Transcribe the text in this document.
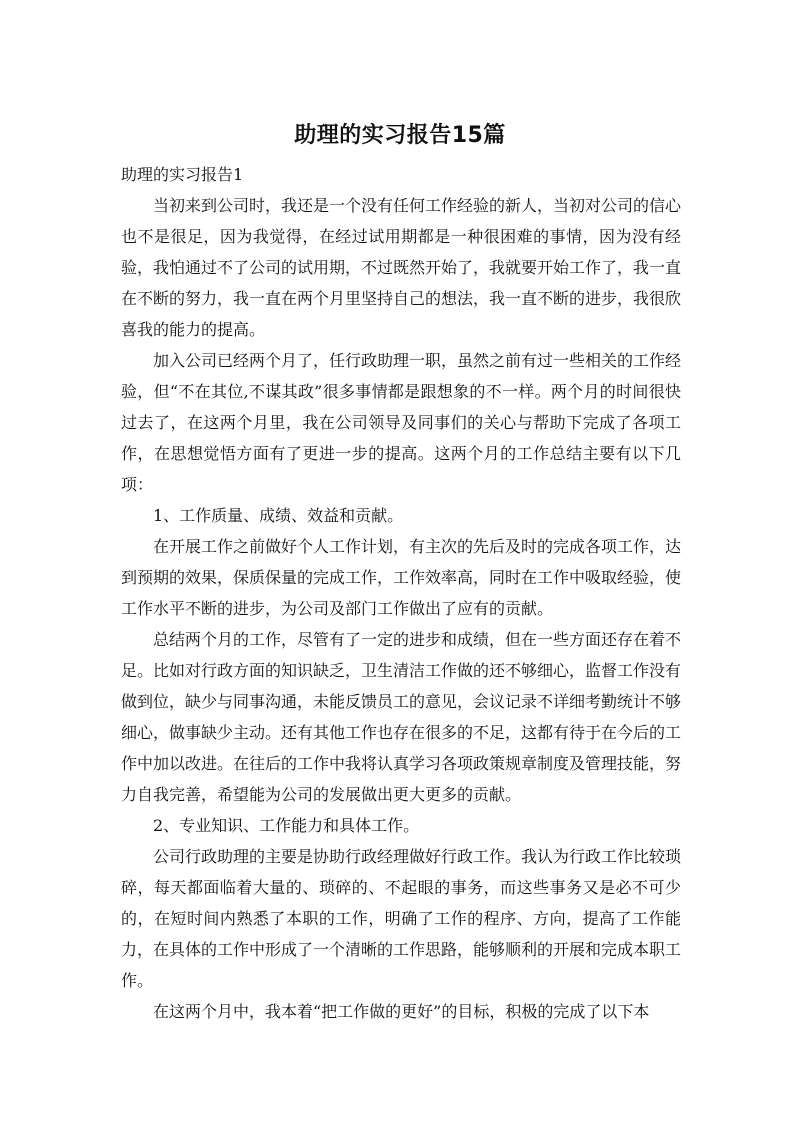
助理的实习报告15篇

助理的实习报告1

当初来到公司时，我还是一个没有任何工作经验的新人，当初对公司的信心也不是很足，因为我觉得，在经过试用期都是一种很困难的事情，因为没有经验，我怕通过不了公司的试用期，不过既然开始了，我就要开始工作了，我一直在不断的努力，我一直在两个月里坚持自己的想法，我一直不断的进步，我很欣喜我的能力的提高。

加入公司已经两个月了，任行政助理一职，虽然之前有过一些相关的工作经验，但“不在其位,不谋其政”很多事情都是跟想象的不一样。两个月的时间很快过去了，在这两个月里，我在公司领导及同事们的关心与帮助下完成了各项工作，在思想觉悟方面有了更进一步的提高。这两个月的工作总结主要有以下几项：

1、工作质量、成绩、效益和贡献。

在开展工作之前做好个人工作计划，有主次的先后及时的完成各项工作，达到预期的效果，保质保量的完成工作，工作效率高，同时在工作中吸取经验，使工作水平不断的进步，为公司及部门工作做出了应有的贡献。

总结两个月的工作，尽管有了一定的进步和成绩，但在一些方面还存在着不足。比如对行政方面的知识缺乏，卫生清洁工作做的还不够细心，监督工作没有做到位，缺少与同事沟通，未能反馈员工的意见，会议记录不详细考勤统计不够细心，做事缺少主动。还有其他工作也存在很多的不足，这都有待于在今后的工作中加以改进。在往后的工作中我将认真学习各项政策规章制度及管理技能，努力自我完善，希望能为公司的发展做出更大更多的贡献。

2、专业知识、工作能力和具体工作。

公司行政助理的主要是协助行政经理做好行政工作。我认为行政工作比较琐碎，每天都面临着大量的、琐碎的、不起眼的事务，而这些事务又是必不可少的，在短时间内熟悉了本职的工作，明确了工作的程序、方向，提高了工作能力，在具体的工作中形成了一个清晰的工作思路，能够顺利的开展和完成本职工作。

在这两个月中，我本着“把工作做的更好”的目标，积极的完成了以下本
